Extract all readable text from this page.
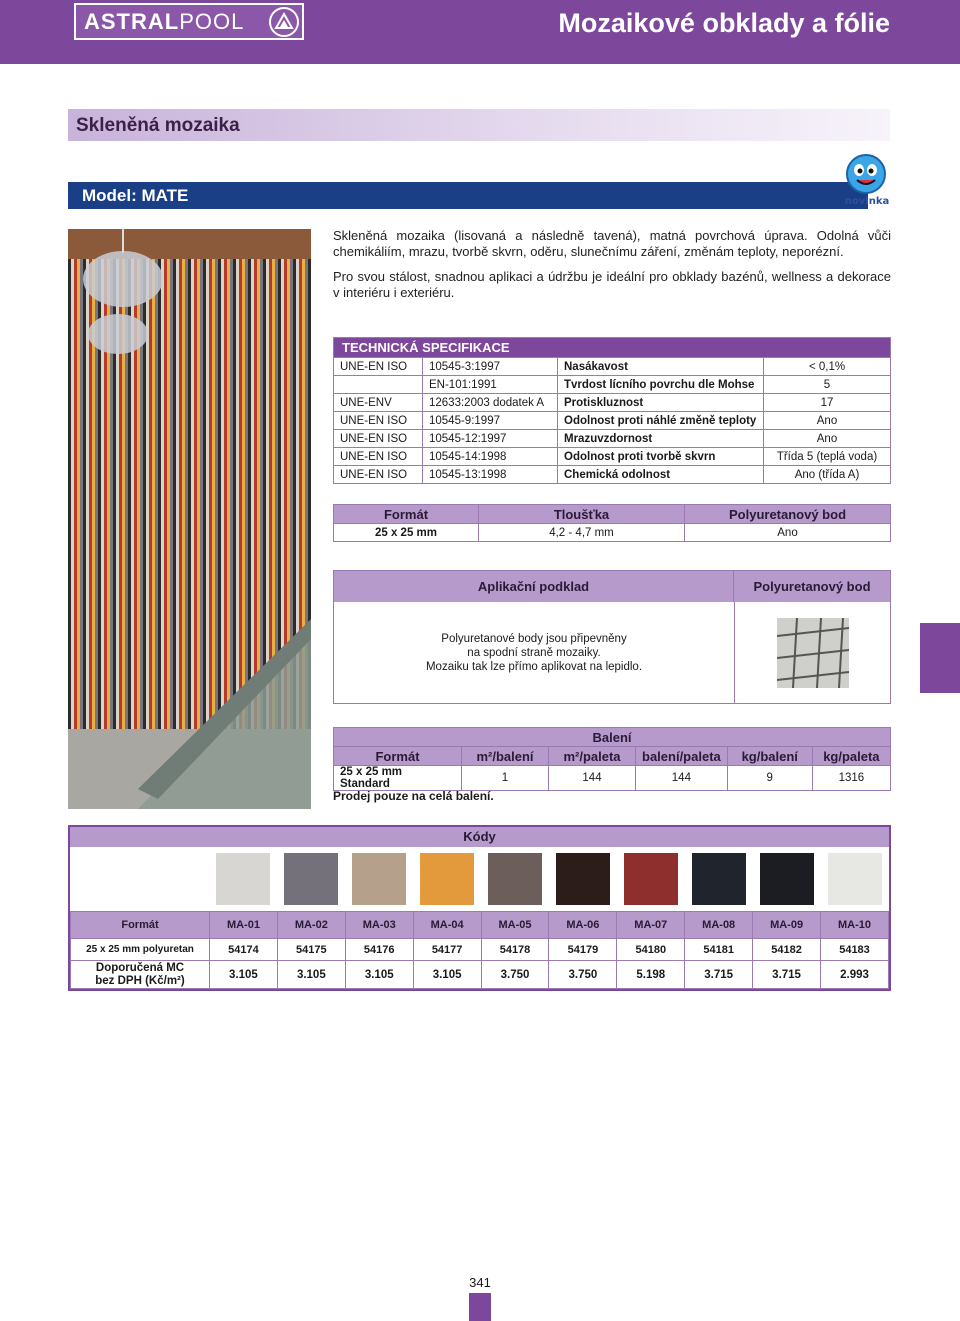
ASTRALPOOL	Mozaikové obklady a fólie
Skleněná mozaika
Model: MATE	novinka

Skleněná mozaika (lisovaná a následně tavená), matná povrchová úprava. Odolná vůči chemikáliím, mrazu, tvorbě skvrn, oděru, slunečnímu záření, změnám teploty, neporézní.

Pro svou stálost, snadnou aplikaci a údržbu je ideální pro obklady bazénů, wellness a dekorace v interiéru i exteriéru.

TECHNICKÁ SPECIFIKACE			
UNE-EN ISO	10545-3:1997	Nasákavost	< 0,1%
	EN-101:1991	Tvrdost lícního povrchu dle Mohse	5
UNE-ENV	12633:2003 dodatek A	Protiskluznost	17
UNE-EN ISO	10545-9:1997	Odolnost proti náhlé změně teploty	Ano
UNE-EN ISO	10545-12:1997	Mrazuvzdornost	Ano
UNE-EN ISO	10545-14:1998	Odolnost proti tvorbě skvrn	Třída 5 (teplá voda)
UNE-EN ISO	10545-13:1998	Chemická odolnost	Ano (třída A)
Formát	Tloušťka	Polyuretanový bod
25 x 25 mm	4,2 - 4,7 mm	Ano
Aplikační podklad	Polyuretanový bod
Polyuretanové body jsou připevněny
na spodní straně mozaiky.
Mozaiku tak lze přímo aplikovat na lepidlo.
Balení					
Formát	m²/balení	m²/paleta	balení/paleta	kg/balení	kg/paleta
25 x 25 mm Standard	1	144	144	9	1316
Prodej pouze na celá balení.
Kódy
Formát	MA-01	MA-02	MA-03	MA-04	MA-05	MA-06	MA-07	MA-08	MA-09	MA-10
25 x 25 mm polyuretan	54174	54175	54176	54177	54178	54179	54180	54181	54182	54183

Doporučená MC
bez DPH (Kč/m²)	3.105	3.105	3.105	3.105	3.750	3.750	5.198	3.715	3.715	2.993
341
